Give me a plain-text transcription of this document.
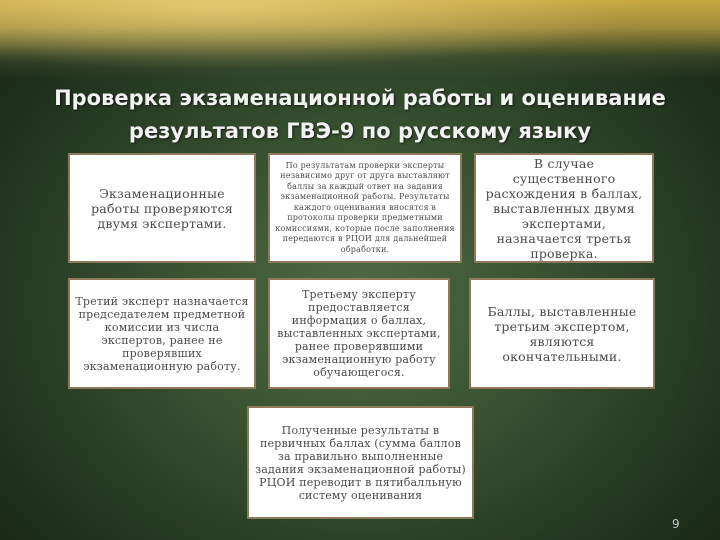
Проверка экзаменационной работы и оценивание
результатов ГВЭ-9 по русскому языку
Экзаменационные работы проверяются двумя экспертами.
По результатам проверки эксперты независимо друг от друга выставляют баллы за каждый ответ на задания экзаменационной работы. Результаты каждого оценивания вносятся в протоколы проверки предметными комиссиями, которые после заполнения передаются в РЦОИ для дальнейшей обработки.
В случае существенного расхождения в баллах, выставленных двумя экспертами, назначается третья проверка.
Третий эксперт назначается председателем предметной комиссии из числа экспертов, ранее не проверявших экзаменационную работу.
Третьему эксперту предоставляется информация о баллах, выставленных экспертами, ранее проверявшими экзаменационную работу обучающегося.
Баллы, выставленные третьим экспертом, являются окончательными.
Полученные результаты в первичных баллах (сумма баллов за правильно выполненные задания экзаменационной работы) РЦОИ переводит в пятибалльную систему оценивания
9
